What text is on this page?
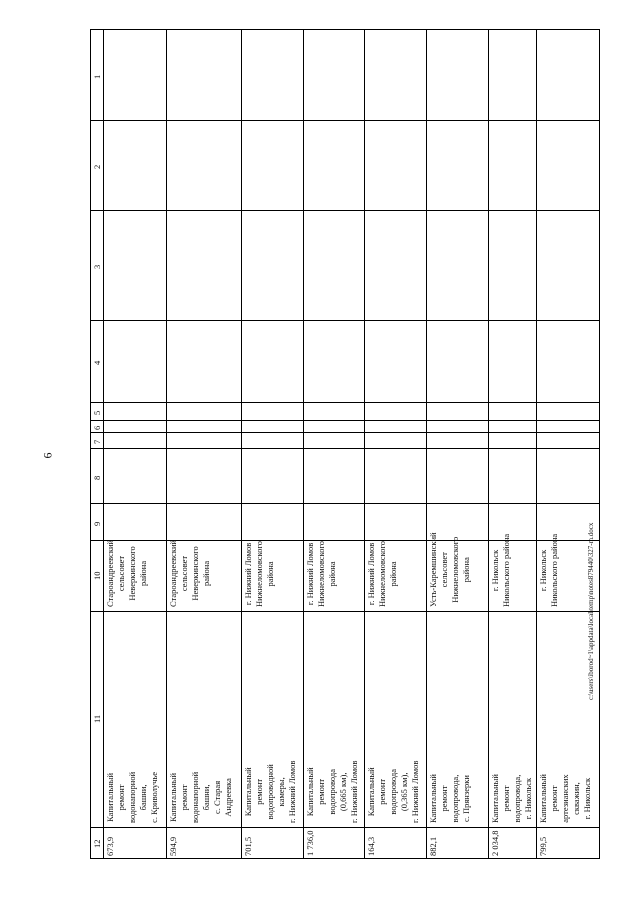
6
c:\users\iborod~1\appdata\local\temp\notes879440\327-m.docx
1
2
3
4
5
6
7
8
9
10
11
12
Староандреевский сельсовет Неверкинского района
Капитальный ремонт водонапорной башни, с. Криволучье
673,9
Староандреевский сельсовет Неверкинского района
Капитальный ремонт водонапорной башни, с. Старая Андреевка
594,9
г. Нижний Ломов Нижнеломовского района
Капитальный ремонт водопроводной камеры, г. Нижний Ломов
701,5
г. Нижний Ломов Нижнеломовского района
Капитальный ремонт водопровода (0,665 км), г. Нижний Ломов
1 736,0
г. Нижний Ломов Нижнеломовского района
Капитальный ремонт водопровода (0,365 км), г. Нижний Ломов
164,3
Усть-Каремшинский сельсовет Нижнеломовского района
Капитальный ремонт водопровода, с. Прянзерки
882,1
г. Никольск Никольского района
Капитальный ремонт водопровода, г. Никольск
2 034,8
г. Никольск Никольского района
Капитальный ремонт артезианских скважин, г. Никольск
799,5
